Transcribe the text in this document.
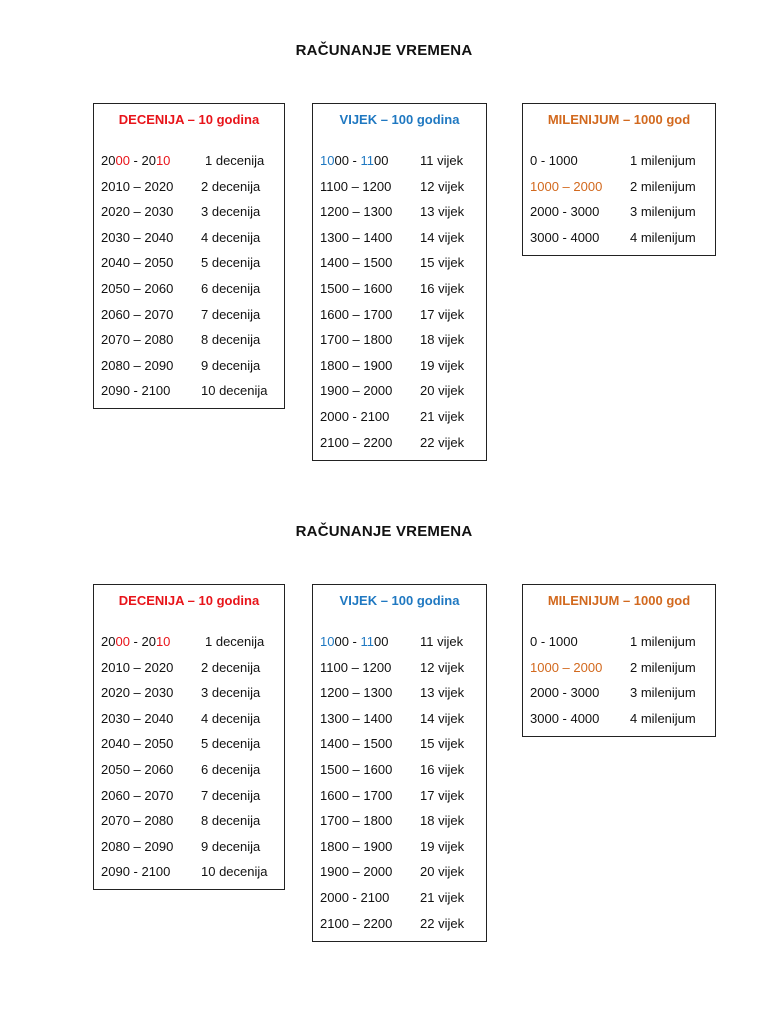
RAČUNANJE VREMENA
DECENIJA – 10 godina
2000 - 2010	1 decenija
2010 – 2020 2 decenija
2020 – 2030 3 decenija
2030 – 2040 4 decenija
2040 – 2050 5 decenija
2050 – 2060 6 decenija
2060 – 2070 7 decenija
2070 – 2080 8 decenija
2080 – 2090 9 decenija
2090 - 2100 10 decenija
VIJEK – 100 godina
1000 - 1100 11 vijek
1100 – 1200 12 vijek
1200 – 1300 13 vijek
1300 – 1400 14 vijek
1400 – 1500 15 vijek
1500 – 1600 16 vijek
1600 – 1700 17 vijek
1700 – 1800 18 vijek
1800 – 1900 19 vijek
1900 – 2000 20 vijek
2000 - 2100 21 vijek
2100 – 2200 22 vijek
MILENIJUM – 1000 god
0 - 1000	1 milenijum
1000 – 2000 2 milenijum
2000 - 3000 3 milenijum
3000 - 4000 4 milenijum
RAČUNANJE VREMENA
DECENIJA – 10 godina
2000 - 2010	1 decenija
2010 – 2020 2 decenija
2020 – 2030 3 decenija
2030 – 2040 4 decenija
2040 – 2050 5 decenija
2050 – 2060 6 decenija
2060 – 2070 7 decenija
2070 – 2080 8 decenija
2080 – 2090 9 decenija
2090 - 2100 10 decenija
VIJEK – 100 godina
1000 - 1100 11 vijek
1100 – 1200 12 vijek
1200 – 1300 13 vijek
1300 – 1400 14 vijek
1400 – 1500 15 vijek
1500 – 1600 16 vijek
1600 – 1700 17 vijek
1700 – 1800 18 vijek
1800 – 1900 19 vijek
1900 – 2000 20 vijek
2000 - 2100 21 vijek
2100 – 2200 22 vijek
MILENIJUM – 1000 god
0 - 1000	1 milenijum
1000 – 2000 2 milenijum
2000 - 3000 3 milenijum
3000 - 4000 4 milenijum
